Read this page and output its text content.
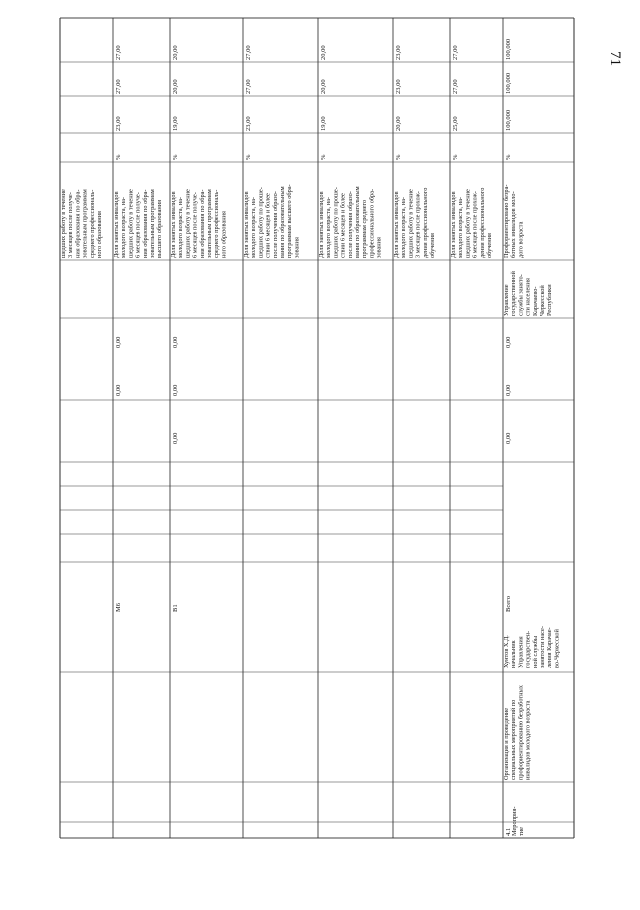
шедших работу в течение 3 месяцев после получе- ния образования по обра- зовательным программам среднего профессиональ- ного образования Доля занятых инвалидов молодого возраста, на- шедших работу в течение 6 месяцев после получе- ния образования по обра- зовательным программам высшего образования
%
23,00
27,00
27,00
0,00
0,00
М6
Доля занятых инвалидов молодого возраста, на- шедших работу в течение 6 месяцев после получе- ния образования по обра- зовательным программам среднего профессиональ- ного образования
%
19,00
20,00
20,00
0,00
0,00
0,00
В1
Доля занятых инвалидов молодого возраста, на- шедших работу по проше- ствии 6 месяцев и более после получения образо- вания по образовательным программам высшего обра- зования
%
23,00
27,00
27,00
Доля занятых инвалидов молодого возраста, на- шедших работу по проше- ствии 6 месяцев и более после получения образо- вания по образовательным программам среднего профессионального обра- зования
%
19,00
20,00
20,00
Доля занятых инвалидов молодого возраста, на- шедших работу в течение 3 месяцев после прохож- дения профессионального обучения
%
20,00
23,00
23,00
Доля занятых инвалидов молодого возраста, на- шедших работу в течение 6 месяцев после прохож- дения профессионального обучения
%
25,00
27,00
27,00
Профориентировано безра- ботных инвалидов моло- дого возраста
%
100,000
100,000
100,000
0,00
0,00
0,00
Всего
Управление государственной службы занято- сти населения Карачаево- Черкесской Республики
Хунтов Х.Д. начальник Управления государствен- ной службы занятости насе- ления Карачае- во-Черкесской
Организация и проведение специальных мероприятий по профориентированию безработных инвалидов молодого возраста
Мероприя- тие
4.1
71
